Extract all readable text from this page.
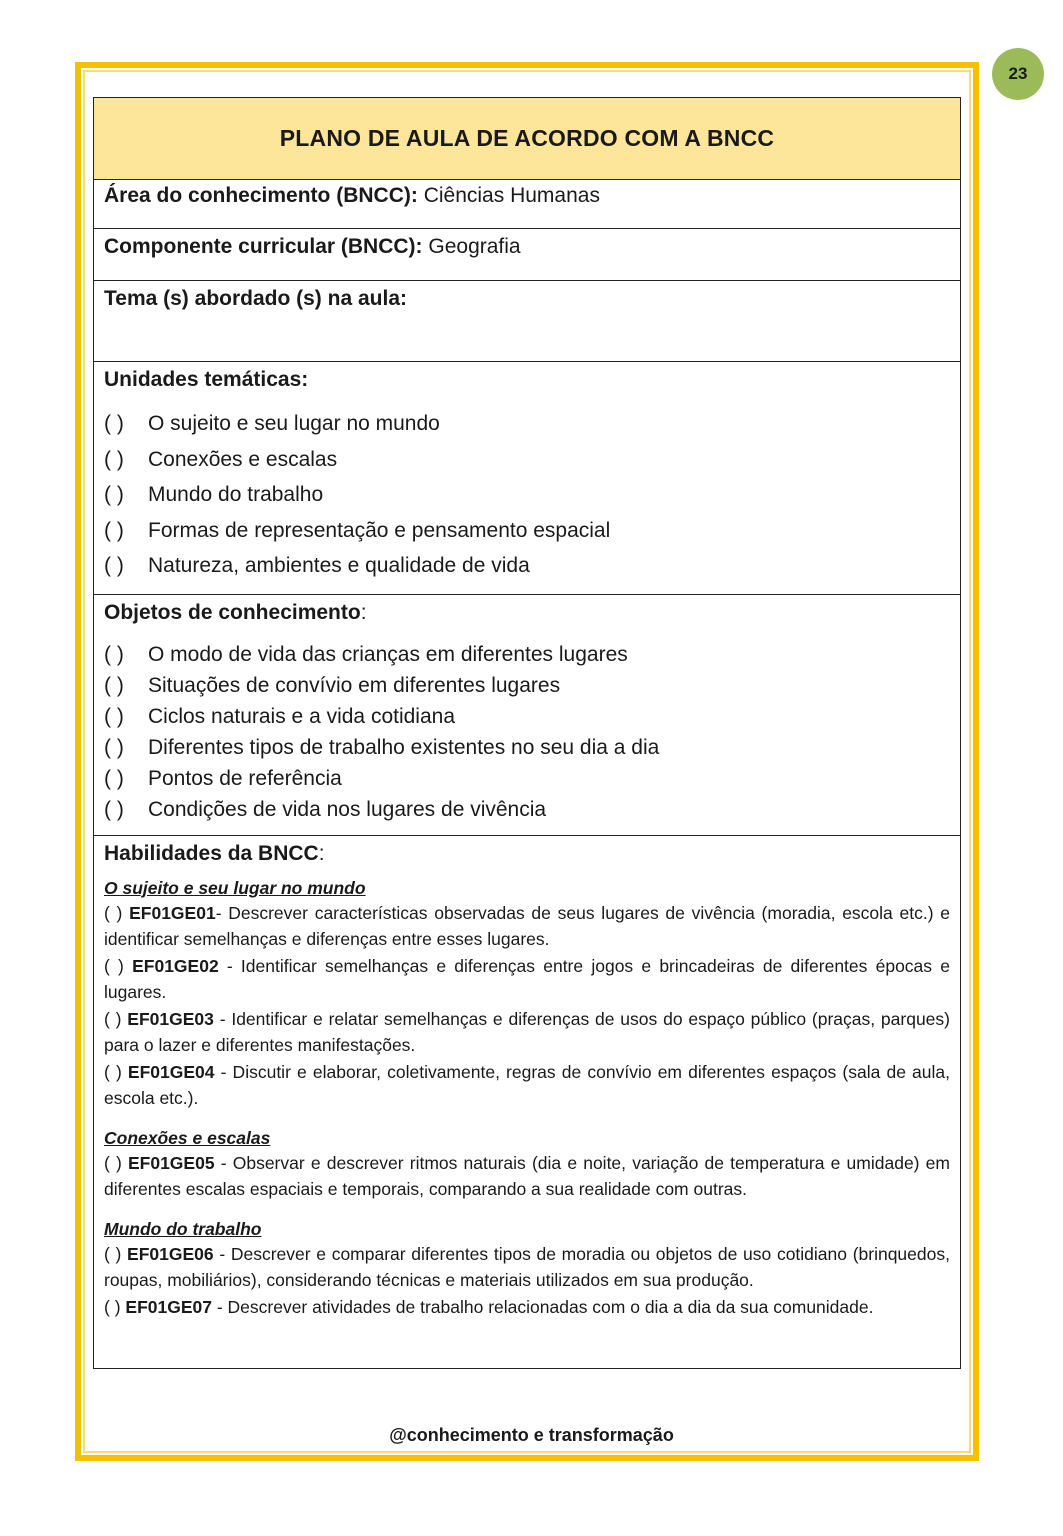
23
PLANO DE AULA DE ACORDO COM A BNCC
Área do conhecimento (BNCC): Ciências Humanas
Componente curricular (BNCC): Geografia
Tema (s) abordado (s) na aula:
Unidades temáticas:
( ) O sujeito e seu lugar no mundo
( ) Conexões e escalas
( ) Mundo do trabalho
( ) Formas de representação e pensamento espacial
( ) Natureza, ambientes e qualidade de vida
Objetos de conhecimento:
( ) O modo de vida das crianças em diferentes lugares
( ) Situações de convívio em diferentes lugares
( ) Ciclos naturais e a vida cotidiana
( ) Diferentes tipos de trabalho existentes no seu dia a dia
( ) Pontos de referência
( ) Condições de vida nos lugares de vivência
Habilidades da BNCC:
O sujeito e seu lugar no mundo
( ) EF01GE01- Descrever características observadas de seus lugares de vivência (moradia, escola etc.) e identificar semelhanças e diferenças entre esses lugares.
( ) EF01GE02 - Identificar semelhanças e diferenças entre jogos e brincadeiras de diferentes épocas e lugares.
( ) EF01GE03 - Identificar e relatar semelhanças e diferenças de usos do espaço público (praças, parques) para o lazer e diferentes manifestações.
( ) EF01GE04 - Discutir e elaborar, coletivamente, regras de convívio em diferentes espaços (sala de aula, escola etc.).
Conexões e escalas
( ) EF01GE05 - Observar e descrever ritmos naturais (dia e noite, variação de temperatura e umidade) em diferentes escalas espaciais e temporais, comparando a sua realidade com outras.
Mundo do trabalho
( ) EF01GE06 - Descrever e comparar diferentes tipos de moradia ou objetos de uso cotidiano (brinquedos, roupas, mobiliários), considerando técnicas e materiais utilizados em sua produção.
( ) EF01GE07 - Descrever atividades de trabalho relacionadas com o dia a dia da sua comunidade.
@conhecimento e transformação
